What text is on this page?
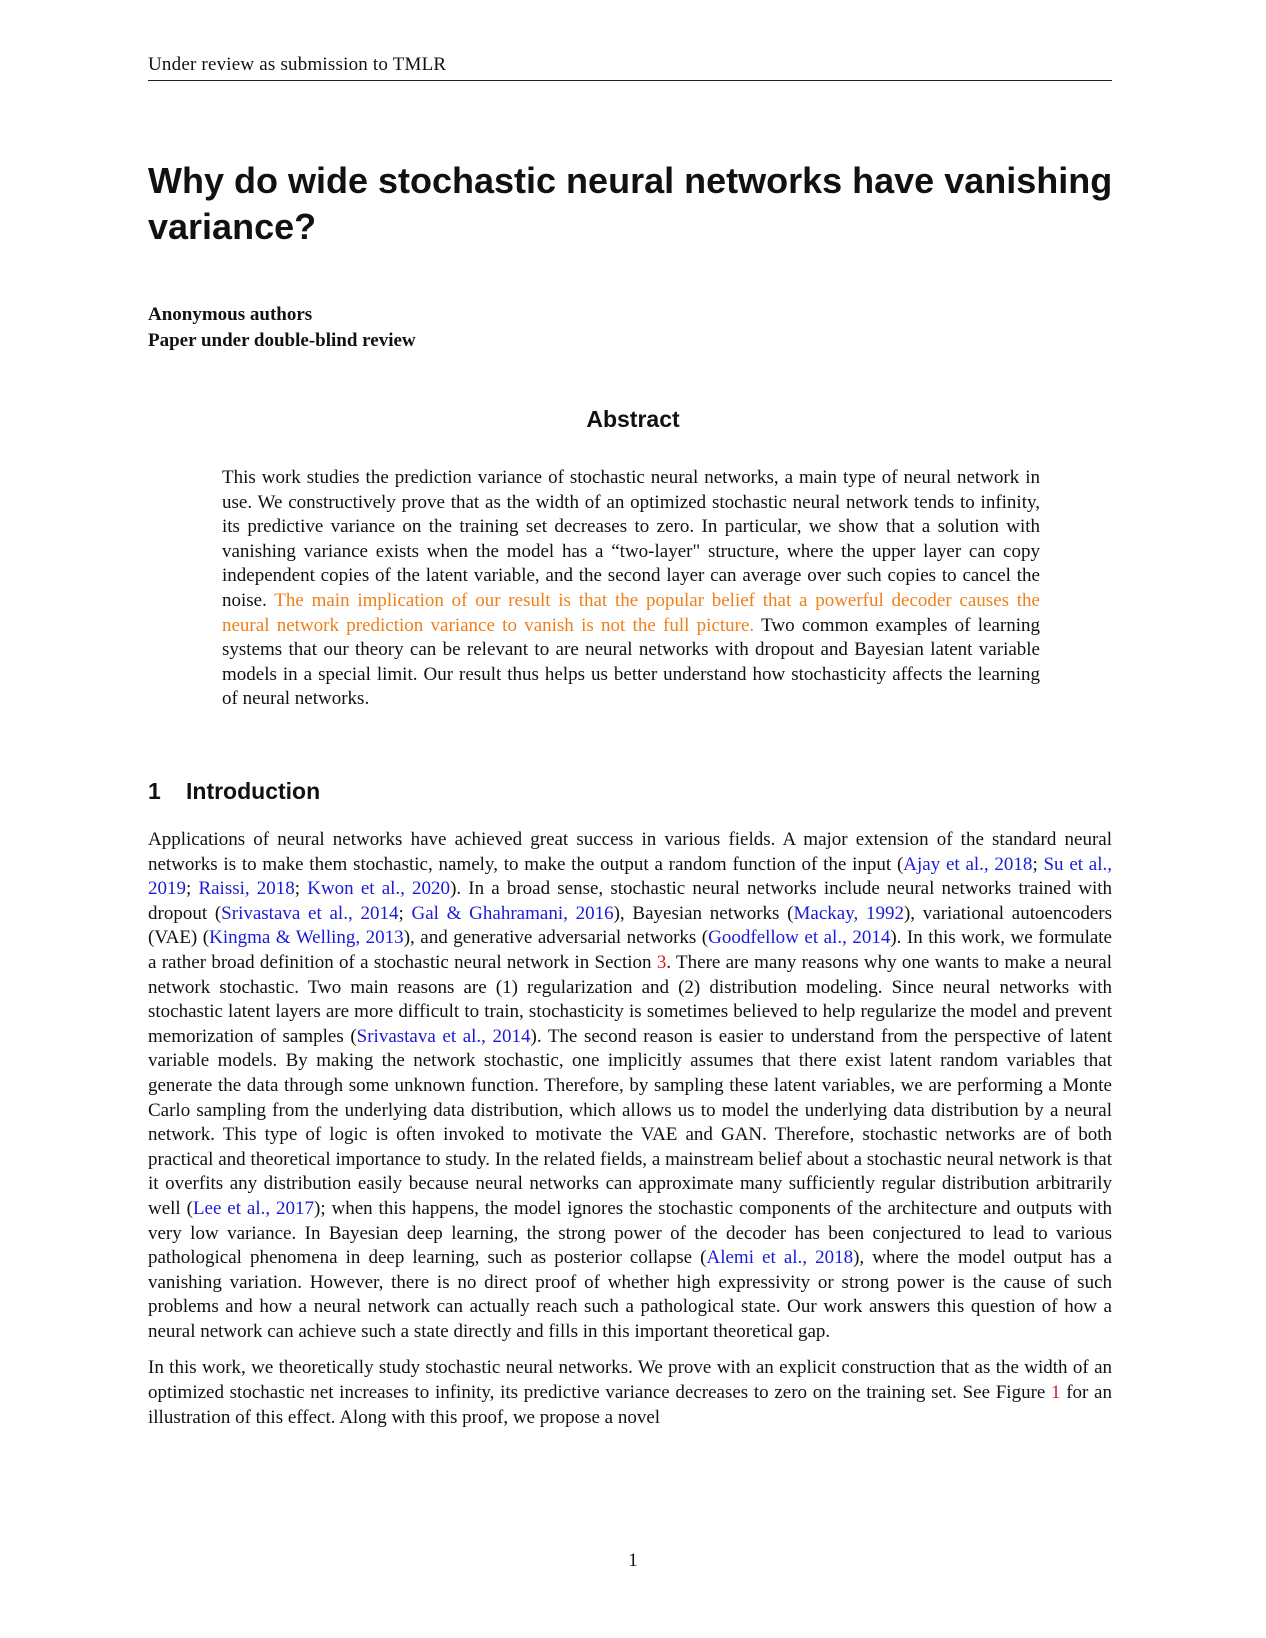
Under review as submission to TMLR
Why do wide stochastic neural networks have vanishing variance?
Anonymous authors
Paper under double-blind review
Abstract

This work studies the prediction variance of stochastic neural networks, a main type of neural network in use. We constructively prove that as the width of an optimized stochastic neural network tends to infinity, its predictive variance on the training set decreases to zero. In particular, we show that a solution with vanishing variance exists when the model has a “two-layer" structure, where the upper layer can copy independent copies of the latent variable, and the second layer can average over such copies to cancel the noise. The main implication of our result is that the popular belief that a powerful decoder causes the neural network prediction variance to vanish is not the full picture. Two common examples of learning systems that our theory can be relevant to are neural networks with dropout and Bayesian latent variable models in a special limit. Our result thus helps us better understand how stochasticity affects the learning of neural networks.

1 Introduction

Applications of neural networks have achieved great success in various fields. A major extension of the standard neural networks is to make them stochastic, namely, to make the output a random function of the input (Ajay et al., 2018; Su et al., 2019; Raissi, 2018; Kwon et al., 2020). In a broad sense, stochastic neural networks include neural networks trained with dropout (Srivastava et al., 2014; Gal & Ghahramani, 2016), Bayesian networks (Mackay, 1992), variational autoencoders (VAE) (Kingma & Welling, 2013), and generative adversarial networks (Goodfellow et al., 2014). In this work, we formulate a rather broad definition of a stochastic neural network in Section 3. There are many reasons why one wants to make a neural network stochastic. Two main reasons are (1) regularization and (2) distribution modeling. Since neural networks with stochastic latent layers are more difficult to train, stochasticity is sometimes believed to help regularize the model and prevent memorization of samples (Srivastava et al., 2014). The second reason is easier to understand from the perspective of latent variable models. By making the network stochastic, one implicitly assumes that there exist latent random variables that generate the data through some unknown function. Therefore, by sampling these latent variables, we are performing a Monte Carlo sampling from the underlying data distribution, which allows us to model the underlying data distribution by a neural network. This type of logic is often invoked to motivate the VAE and GAN. Therefore, stochastic networks are of both practical and theoretical importance to study. In the related fields, a mainstream belief about a stochastic neural network is that it overfits any distribution easily because neural networks can approximate many sufficiently regular distribution arbitrarily well (Lee et al., 2017); when this happens, the model ignores the stochastic components of the architecture and outputs with very low variance. In Bayesian deep learning, the strong power of the decoder has been conjectured to lead to various pathological phenomena in deep learning, such as posterior collapse (Alemi et al., 2018), where the model output has a vanishing variation. However, there is no direct proof of whether high expressivity or strong power is the cause of such problems and how a neural network can actually reach such a pathological state. Our work answers this question of how a neural network can achieve such a state directly and fills in this important theoretical gap.

In this work, we theoretically study stochastic neural networks. We prove with an explicit construction that as the width of an optimized stochastic net increases to infinity, its predictive variance decreases to zero on the training set. See Figure 1 for an illustration of this effect. Along with this proof, we propose a novel

1
